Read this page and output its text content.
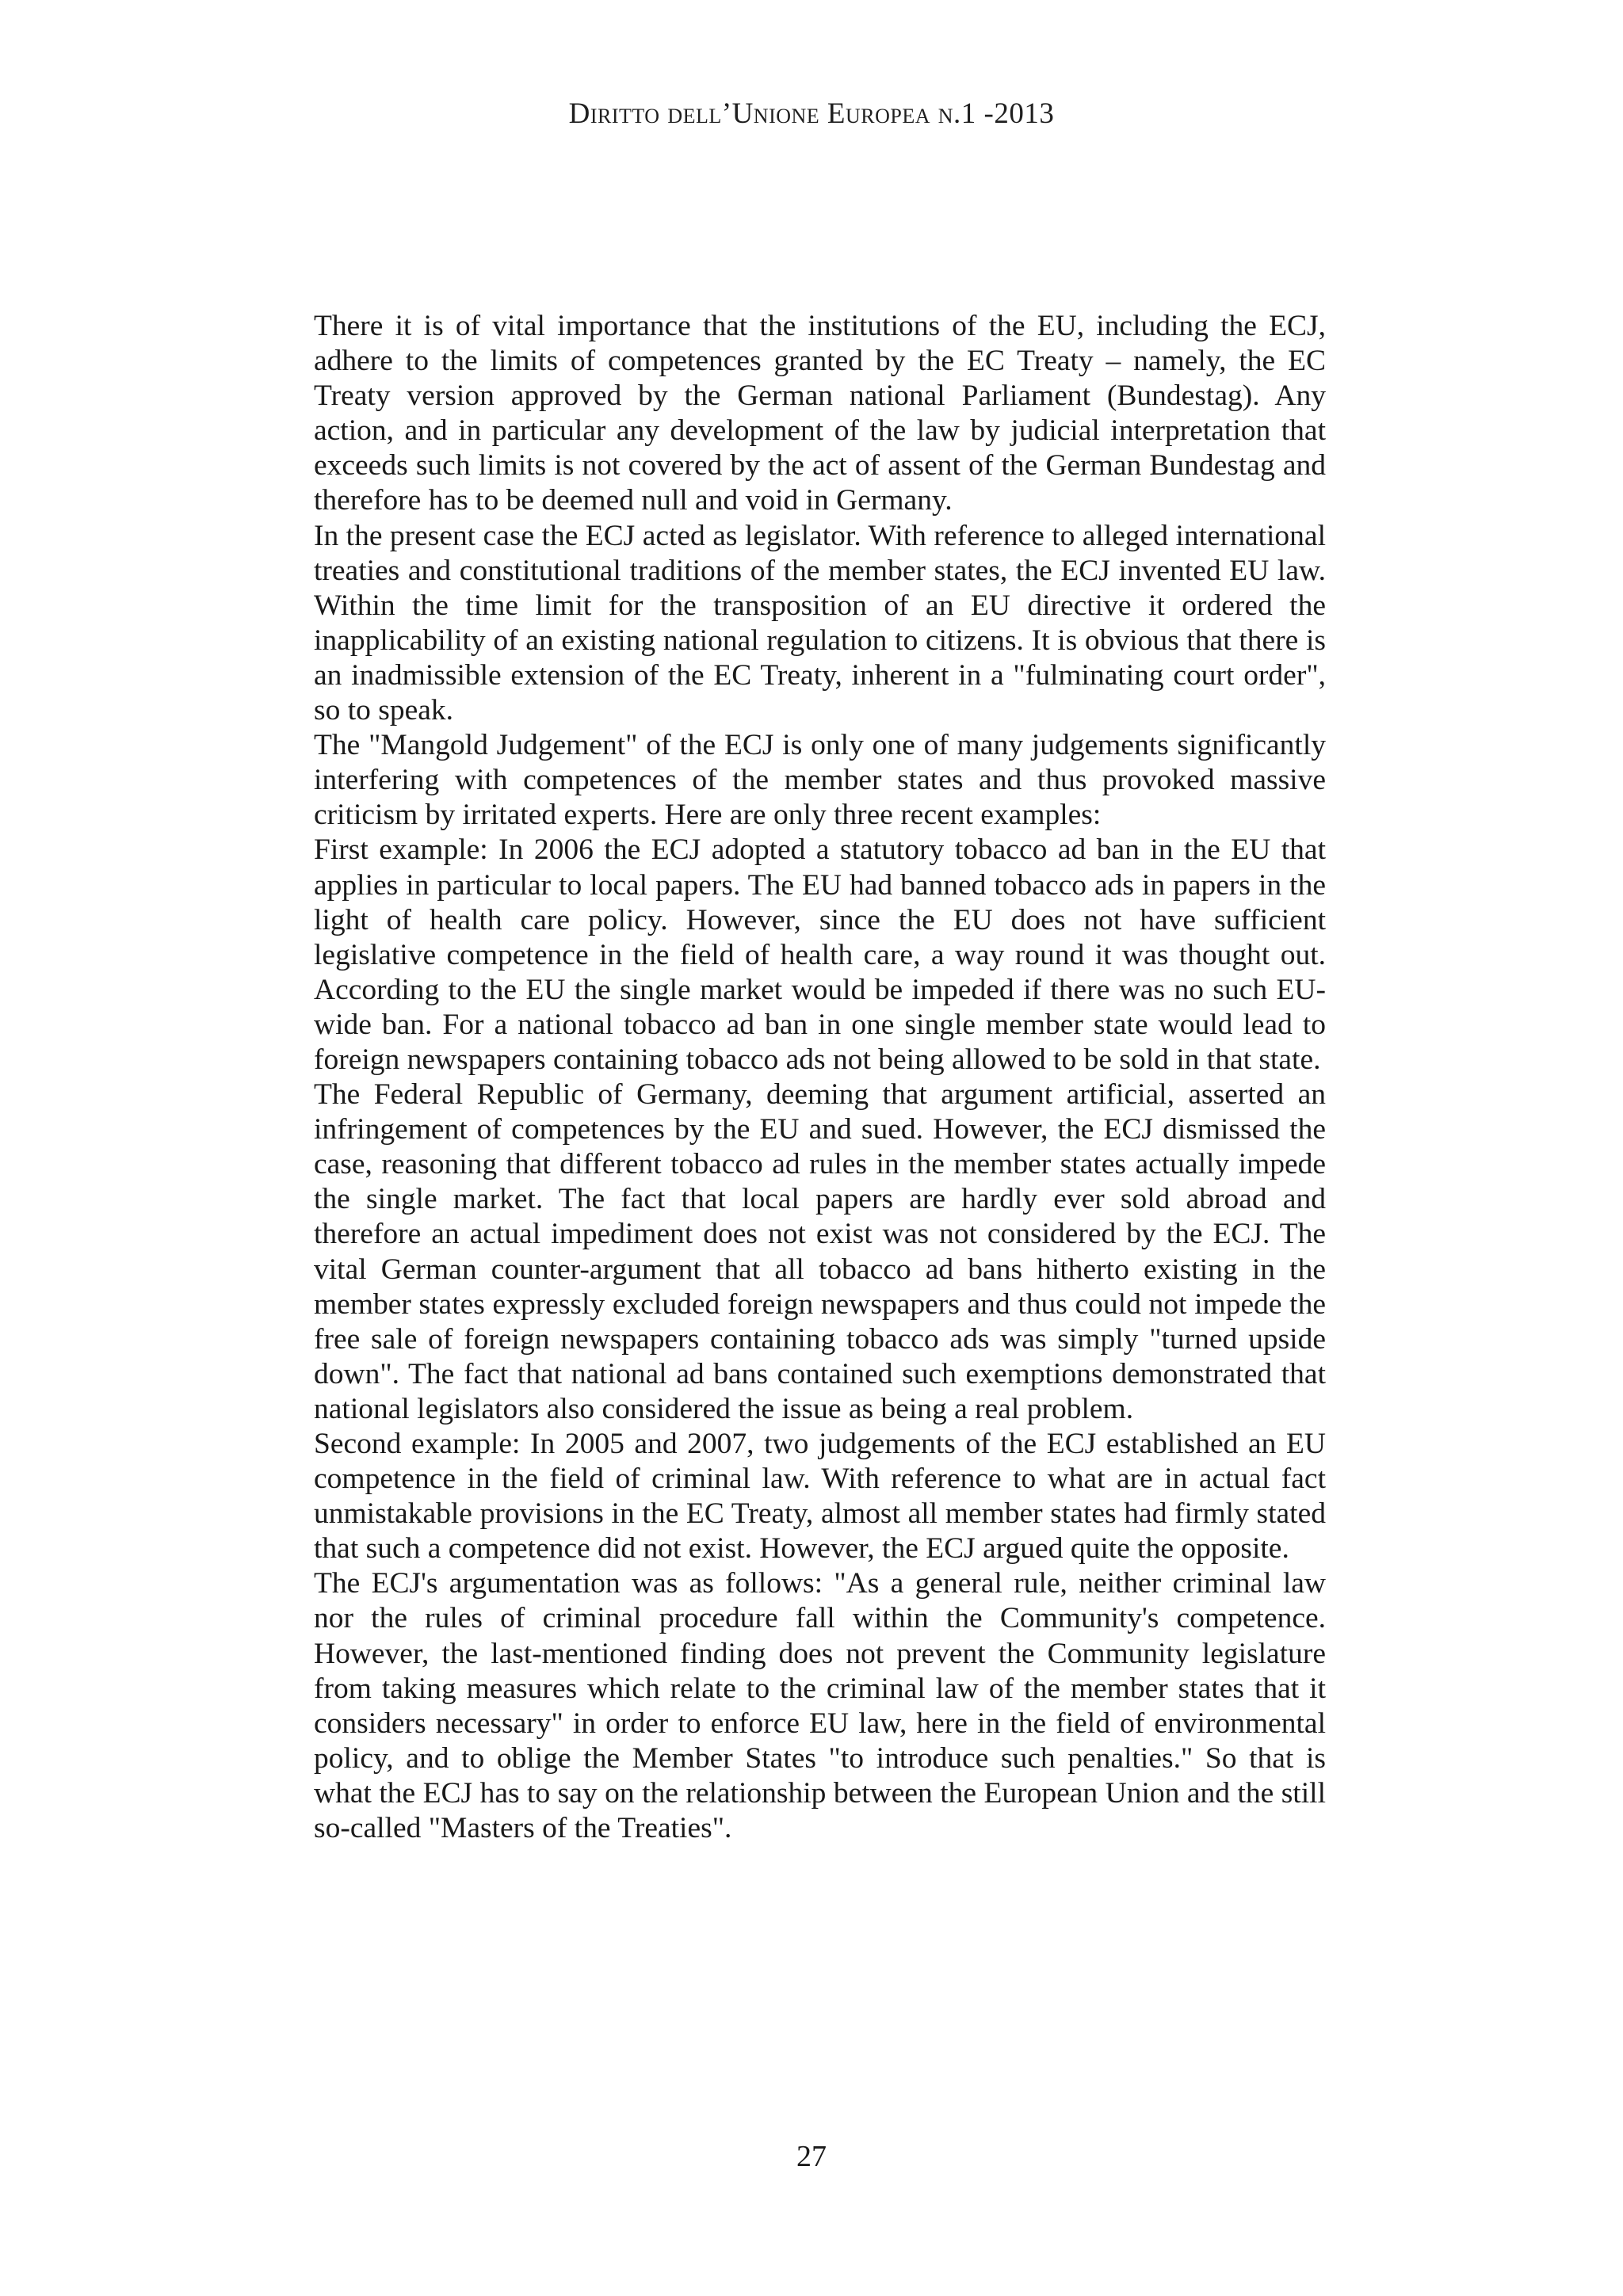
Diritto dell’Unione Europea n.1 -2013

There it is of vital importance that the institutions of the EU, including the ECJ, adhere to the limits of competences granted by the EC Treaty – namely, the EC Treaty version approved by the German national Parliament (Bundestag). Any action, and in particular any development of the law by judicial interpretation that exceeds such limits is not covered by the act of assent of the German Bundestag and therefore has to be deemed null and void in Germany.

In the present case the ECJ acted as legislator. With reference to alleged international treaties and constitutional traditions of the member states, the ECJ invented EU law. Within the time limit for the transposition of an EU directive it ordered the inapplicability of an existing national regulation to citizens. It is obvious that there is an inadmissible extension of the EC Treaty, inherent in a "fulminating court order", so to speak.

The "Mangold Judgement" of the ECJ is only one of many judgements significantly interfering with competences of the member states and thus provoked massive criticism by irritated experts. Here are only three recent examples:

First example: In 2006 the ECJ adopted a statutory tobacco ad ban in the EU that applies in particular to local papers. The EU had banned tobacco ads in papers in the light of health care policy. However, since the EU does not have sufficient legislative competence in the field of health care, a way round it was thought out. According to the EU the single market would be impeded if there was no such EU-wide ban. For a national tobacco ad ban in one single member state would lead to foreign newspapers containing tobacco ads not being allowed to be sold in that state.

The Federal Republic of Germany, deeming that argument artificial, asserted an infringement of competences by the EU and sued. However, the ECJ dismissed the case, reasoning that different tobacco ad rules in the member states actually impede the single market. The fact that local papers are hardly ever sold abroad and therefore an actual impediment does not exist was not considered by the ECJ. The vital German counter-argument that all tobacco ad bans hitherto existing in the member states expressly excluded foreign newspapers and thus could not impede the free sale of foreign newspapers containing tobacco ads was simply "turned upside down". The fact that national ad bans contained such exemptions demonstrated that national legislators also considered the issue as being a real problem.

Second example: In 2005 and 2007, two judgements of the ECJ established an EU competence in the field of criminal law. With reference to what are in actual fact unmistakable provisions in the EC Treaty, almost all member states had firmly stated that such a competence did not exist. However, the ECJ argued quite the opposite.

The ECJ's argumentation was as follows: "As a general rule, neither criminal law nor the rules of criminal procedure fall within the Community's competence. However, the last-mentioned finding does not prevent the Community legislature from taking measures which relate to the criminal law of the member states that it considers necessary" in order to enforce EU law, here in the field of environmental policy, and to oblige the Member States "to introduce such penalties." So that is what the ECJ has to say on the relationship between the European Union and the still so-called "Masters of the Treaties".

27
